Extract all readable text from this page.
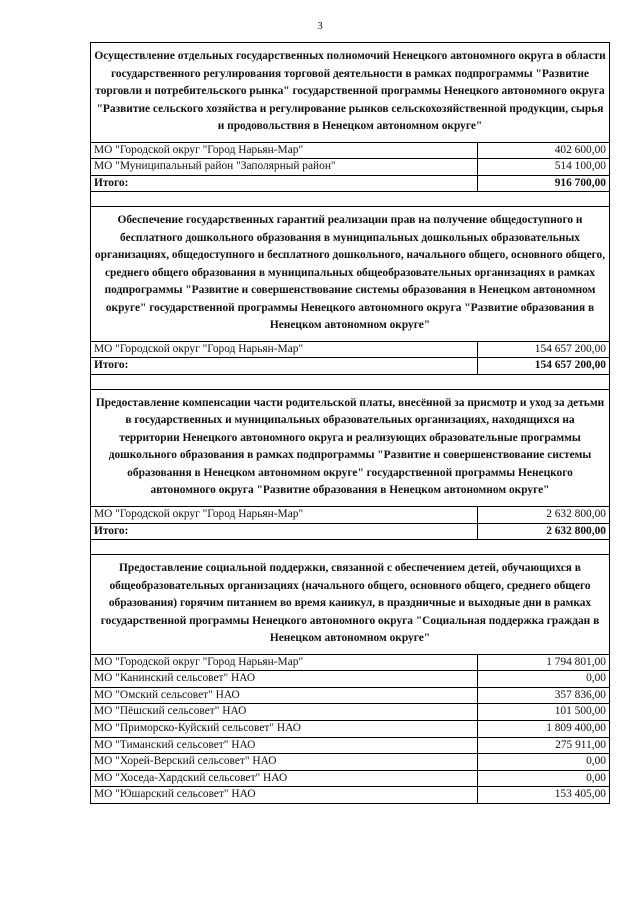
3
Осуществление отдельных государственных полномочий Ненецкого автономного округа в области государственного регулирования торговой деятельности в рамках подпрограммы "Развитие торговли и потребительского рынка" государственной программы Ненецкого автономного округа "Развитие сельского хозяйства и регулирование рынков сельскохозяйственной продукции, сырья и продовольствия в Ненецком автономном округе"
МО "Городской округ "Город Нарьян-Мар"	402 600,00
МО "Муниципальный район "Заполярный район"	514 100,00
Итого:	916 700,00
Обеспечение государственных гарантий реализации прав на получение общедоступного и бесплатного дошкольного образования в муниципальных дошкольных образовательных организациях, общедоступного и бесплатного дошкольного, начального общего, основного общего, среднего общего образования в муниципальных общеобразовательных организациях в рамках подпрограммы "Развитие и совершенствование системы образования в Ненецком автономном округе" государственной программы Ненецкого автономного округа "Развитие образования в Ненецком автономном округе"
МО "Городской округ "Город Нарьян-Мар"	154 657 200,00
Итого:	154 657 200,00
Предоставление компенсации части родительской платы, внесённой за присмотр и уход за детьми в государственных и муниципальных образовательных организациях, находящихся на территории Ненецкого автономного округа и реализующих образовательные программы дошкольного образования в рамках подпрограммы "Развитие и совершенствование системы образования в Ненецком автономном округе" государственной программы Ненецкого автономного округа "Развитие образования в Ненецком автономном округе"
МО "Городской округ "Город Нарьян-Мар"	2 632 800,00
Итого:	2 632 800,00
Предоставление социальной поддержки, связанной с обеспечением детей, обучающихся в общеобразовательных организациях (начального общего, основного общего, среднего общего образования) горячим питанием во время каникул, в праздничные и выходные дни в рамках государственной программы Ненецкого автономного округа "Социальная поддержка граждан в Ненецком автономном округе"
МО "Городской округ "Город Нарьян-Мар"	1 794 801,00
МО "Канинский сельсовет" НАО	0,00
МО "Омский сельсовет" НАО	357 836,00
МО "Пёшский сельсовет" НАО	101 500,00
МО "Приморско-Куйский сельсовет" НАО	1 809 400,00
МО "Тиманский сельсовет" НАО	275 911,00
МО "Хорей-Верский сельсовет" НАО	0,00
МО "Хоседа-Хардский сельсовет" НАО	0,00
МО "Юшарский сельсовет" НАО	153 405,00
